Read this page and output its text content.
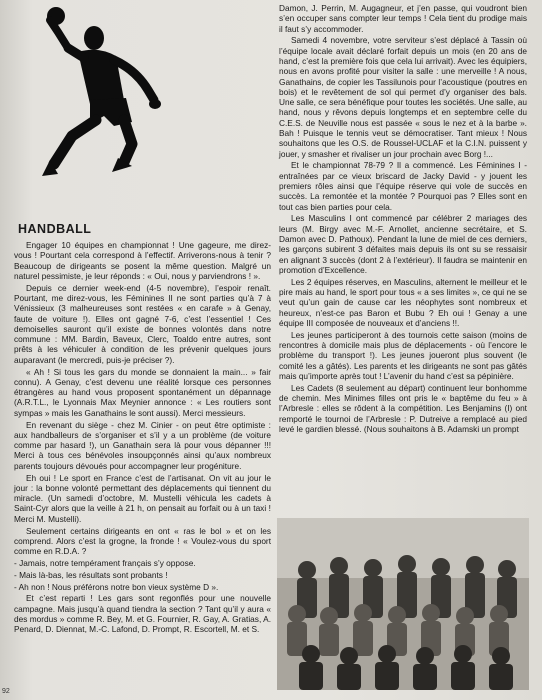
HANDBALL

Engager 10 équipes en championnat ! Une gageure, me direz-vous ! Pourtant cela correspond à l’effectif. Arriverons-nous à tenir ? Beaucoup de dirigeants se posent la même question. Malgré un naturel pessimiste, je leur réponds : « Oui, nous y parviendrons ! ».

Depuis ce dernier week-end (4-5 novembre), l’espoir renaît. Pourtant, me direz-vous, les Féminines II ne sont parties qu’à 7 à Vénissieux (3 malheureuses sont restées « en carafe » à Genay, faute de voiture !). Elles ont gagné 7-6, c’est l’essentiel ! Ces demoiselles sauront qu’il existe de bonnes volontés dans notre commune : MM. Bardin, Baveux, Clerc, Toaldo entre autres, sont prêts à les véhiculer à condition de les prévenir quelques jours auparavant (le mercredi, puis-je préciser ?).

« Ah ! Si tous les gars du monde se donnaient la main... » fair connu). A Genay, c’est devenu une réalité lorsque ces personnes étrangères au hand vous proposent spontanément un dépannage (A.R.T.L., le Lyonnais Max Meynier annonce : « Les routiers sont sympas » mais les Ganathains le sont aussi). Merci messieurs.

En revenant du siège - chez M. Cinier - on peut être optimiste : aux handballeurs de s’organiser et s’il y a un problème (de voiture comme par hasard !), un Ganathain sera là pour vous dépanner !!! Merci à tous ces bénévoles insoupçonnés ainsi qu’aux nombreux parents toujours dévoués pour accompagner leur progéniture.

Eh oui ! Le sport en France c’est de l’artisanat. On vit au jour le jour : la bonne volonté permettant des déplacements qui tiennent du miracle. (Un samedi d’octobre, M. Mustelli véhicula les cadets à Saint-Cyr alors que la veille à 21 h, on pensait au forfait ou à un taxi ! Merci M. Mustelli).

Seulement certains dirigeants en ont « ras le bol » et on les comprend. Alors c’est la grogne, la fronde ! « Voulez-vous du sport comme en R.D.A. ?

- Jamais, notre tempérament français s’y oppose.

- Mais là-bas, les résultats sont probants !

- Ah non ! Nous préférons notre bon vieux système D ».

Et c’est reparti ! Les gars sont regonflés pour une nouvelle campagne. Mais jusqu’à quand tiendra la section ? Tant qu’il y aura « des mordus » comme R. Bey, M. et G. Fournier, R. Gay, A. Gratias, A. Penard, D. Diennat, M.-C. Lafond, D. Prompt, R. Escortell, M. et S.

Damon, J. Perrin, M. Augagneur, et j’en passe, qui voudront bien s’en occuper sans compter leur temps ! Cela tient du prodige mais il faut s’y accommoder.

Samedi 4 novembre, votre serviteur s’est déplacé à Tassin où l’équipe locale avait déclaré forfait depuis un mois (en 20 ans de hand, c’est la première fois que cela lui arrivait). Avec les équipiers, nous en avons profité pour visiter la salle : une merveille ! A nous, Ganathains, de copier les Tassilunois pour l’acoustique (poutres en bois) et le revêtement de sol qui permet d’y organiser des bals. Une salle, ce sera bénéfique pour toutes les sociétés. Une salle, au hand, nous y rêvons depuis longtemps et en septembre celle du C.E.S. de Neuville nous est passée « sous le nez et à la barbe ». Bah ! Puisque le tennis veut se démocratiser. Tant mieux ! Nous souhaitons que les O.S. de Roussel-UCLAF et la C.I.N. puissent y jouer, y smasher et rivaliser un jour prochain avec Borg !...

Et le championnat 78-79 ? Il a commencé. Les Féminines I - entraînées par ce vieux briscard de Jacky David - y jouent les premiers rôles ainsi que l’équipe réserve qui vole de succès en succès. La remontée et la montée ? Pourquoi pas ? Elles sont en tout cas bien parties pour cela.

Les Masculins I ont commencé par célébrer 2 mariages des leurs (M. Birgy avec M.-F. Arnollet, ancienne secrétaire, et S. Damon avec D. Pathoux). Pendant la lune de miel de ces derniers, les garçons subirent 3 défaites mais depuis ils ont su se ressaisir en alignant 3 succès (dont 2 à l’extérieur). Il faudra se maintenir en promotion d’Excellence.

Les 2 équipes réserves, en Masculins, alternent le meilleur et le pire mais au hand, le sport pour tous « a ses limites », ce qui ne se veut qu’un gain de cause car les néophytes sont nombreux et heureux, n’est-ce pas Baron et Bubu ? Eh oui ! Genay a une équipe III composée de nouveaux et d’anciens !!.

Les jeunes participeront à des tournois cette saison (moins de rencontres à domicile mais plus de déplacements - où l’encore le problème du transport !). Les jeunes joueront plus souvent (le comité les a gâtés). Les parents et les dirigeants ne sont pas gâtés mais qu’importe après tout ! L’avenir du hand c’est sa pépinière.

Les Cadets (8 seulement au départ) continuent leur bonhomme de chemin. Mes Minimes filles ont pris le « baptême du feu » à l’Arbresle : elles se rôdent à la compétition. Les Benjamins (I) ont remporté le tournoi de l’Arbresle : P. Dutreive a remplacé au pied levé le gardien blessé. (Nous souhaitons à B. Adamski un prompt

92
